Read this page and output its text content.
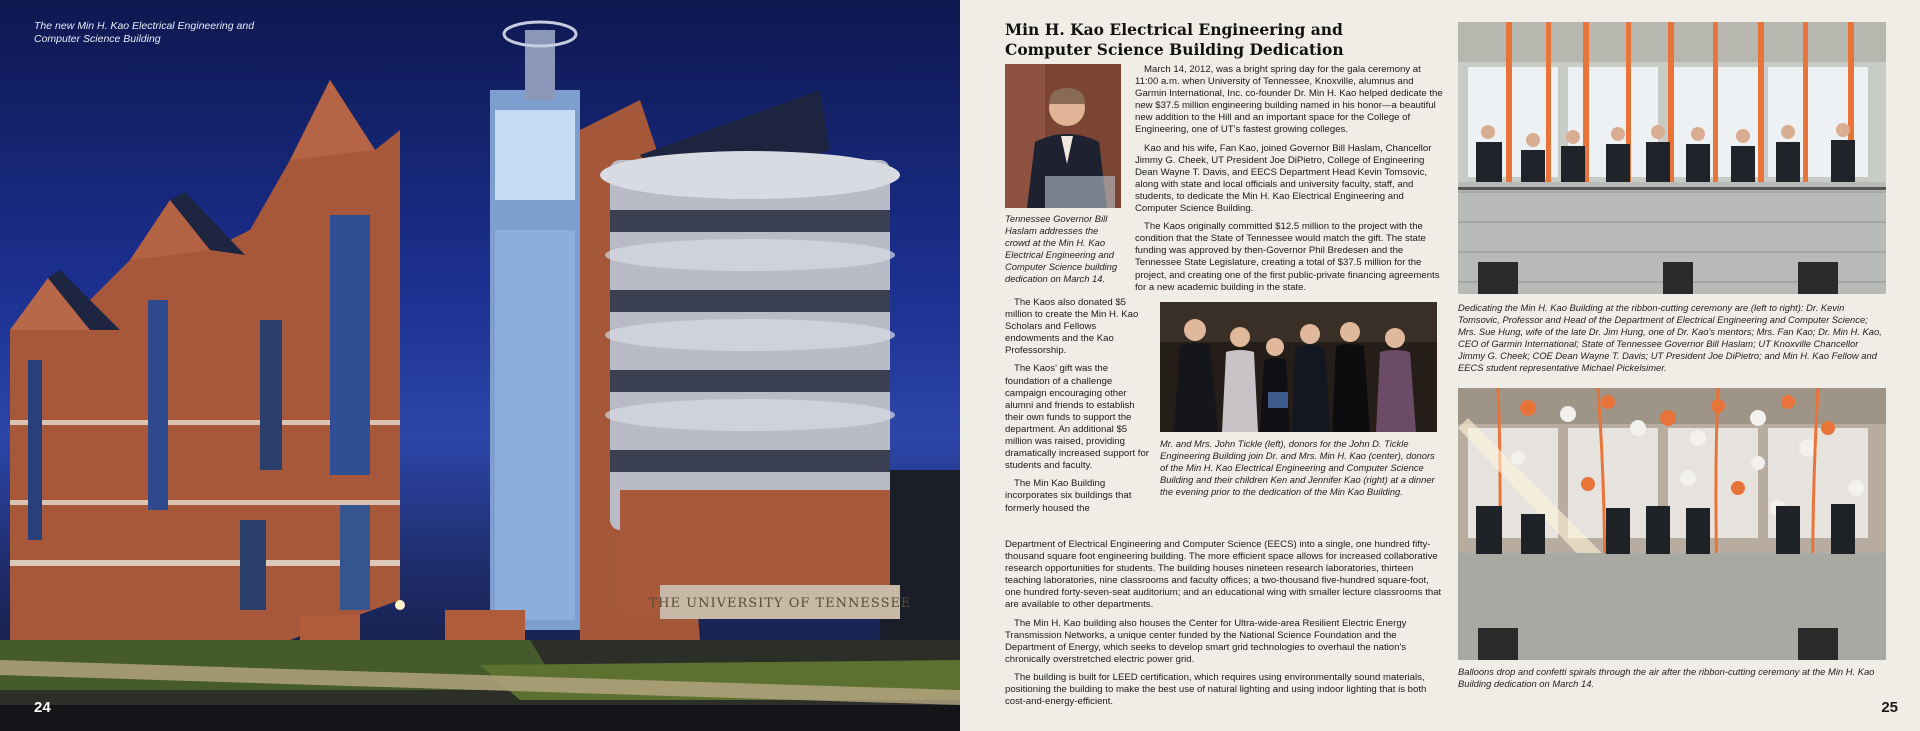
THE UNIVERSITY OF TENNESSEE
The new Min H. Kao Electrical Engineering and Computer Science Building
24
Min H. Kao Electrical Engineering and Computer Science Building Dedication
Tennessee Governor Bill Haslam addresses the crowd at the Min H. Kao Electrical Engineering and Computer Science building dedication on March 14.

March 14, 2012, was a bright spring day for the gala ceremony at 11:00 a.m. when University of Tennessee, Knoxville, alumnus and Garmin International, Inc. co-founder Dr. Min H. Kao helped dedicate the new $37.5 million engineering building named in his honor—a beautiful new addition to the Hill and an important space for the College of Engineering, one of UT's fastest growing colleges.

Kao and his wife, Fan Kao, joined Governor Bill Haslam, Chancellor Jimmy G. Cheek, UT President Joe DiPietro, College of Engineering Dean Wayne T. Davis, and EECS Department Head Kevin Tomsovic, along with state and local officials and university faculty, staff, and students, to dedicate the Min H. Kao Electrical Engineering and Computer Science Building.

The Kaos originally committed $12.5 million to the project with the condition that the State of Tennessee would match the gift. The state funding was approved by then-Governor Phil Bredesen and the Tennessee State Legislature, creating a total of $37.5 million for the project, and creating one of the first public-private financing agreements for a new academic building in the state.

The Kaos also donated $5 million to create the Min H. Kao Scholars and Fellows endowments and the Kao Professorship.

The Kaos' gift was the foundation of a challenge campaign encouraging other alumni and friends to establish their own funds to support the department. An additional $5 million was raised, providing dramatically increased support for students and faculty.

The Min Kao Building incorporates six buildings that formerly housed the

Department of Electrical Engineering and Computer Science (EECS) into a single, one hundred fifty-thousand square foot engineering building. The more efficient space allows for increased collaborative research opportunities for students. The building houses nineteen research laboratories, thirteen teaching laboratories, nine classrooms and faculty offices; a two-thousand five-hundred square-foot, one hundred forty-seven-seat auditorium; and an educational wing with smaller lecture classrooms that are available to other departments.

The Min H. Kao building also houses the Center for Ultra-wide-area Resilient Electric Energy Transmission Networks, a unique center funded by the National Science Foundation and the Department of Energy, which seeks to develop smart grid technologies to overhaul the nation's chronically overstretched electric power grid.

The building is built for LEED certification, which requires using environmentally sound materials, positioning the building to make the best use of natural lighting and using indoor lighting that is both cost-and-energy-efficient.

Mr. and Mrs. John Tickle (left), donors for the John D. Tickle Engineering Building join Dr. and Mrs. Min H. Kao (center), donors of the Min H. Kao Electrical Engineering and Computer Science Building and their children Ken and Jennifer Kao (right) at a dinner the evening prior to the dedication of the Min Kao Building.
Dedicating the Min H. Kao Building at the ribbon-cutting ceremony are (left to right): Dr. Kevin Tomsovic, Professor and Head of the Department of Electrical Engineering and Computer Science; Mrs. Sue Hung, wife of the late Dr. Jim Hung, one of Dr. Kao's mentors; Mrs. Fan Kao; Dr. Min H. Kao, CEO of Garmin International; State of Tennessee Governor Bill Haslam; UT Knoxville Chancellor Jimmy G. Cheek; COE Dean Wayne T. Davis; UT President Joe DiPietro; and Min H. Kao Fellow and EECS student representative Michael Pickelsimer.
Balloons drop and confetti spirals through the air after the ribbon-cutting ceremony at the Min H. Kao Building dedication on March 14.
25
